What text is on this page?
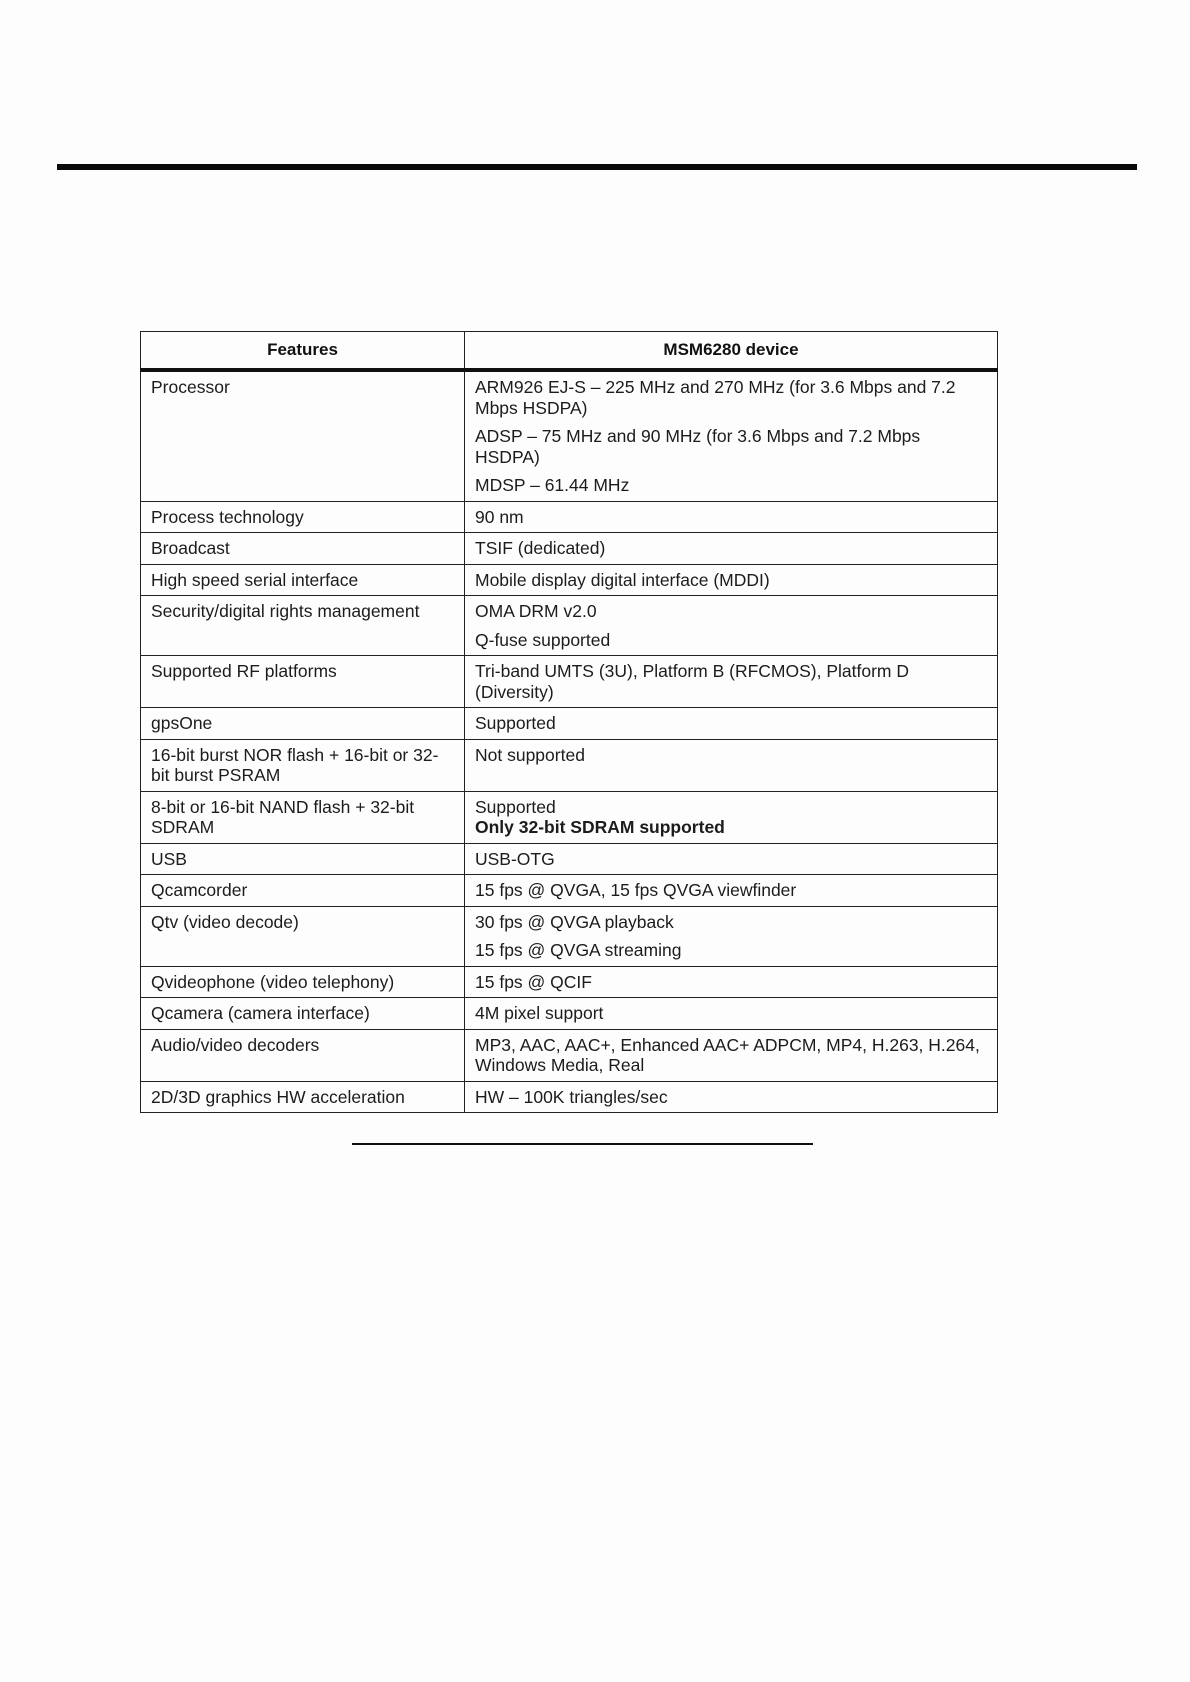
Features	MSM6280 device
Processor	ARM926 EJ-S – 225 MHz and 270 MHz (for 3.6 Mbps and 7.2 Mbps HSDPA)

ADSP – 75 MHz and 90 MHz (for 3.6 Mbps and 7.2 Mbps HSDPA)

MDSP – 61.44 MHz

Process technology	90 nm

Broadcast	TSIF (dedicated)

High speed serial interface	Mobile display digital interface (MDDI)

Security/digital rights management	OMA DRM v2.0

Q-fuse supported

Supported RF platforms	Tri-band UMTS (3U), Platform B (RFCMOS), Platform D (Diversity)

gpsOne	Supported

16-bit burst NOR flash + 16-bit or 32-bit burst PSRAM	Not supported

8-bit or 16-bit NAND flash + 32-bit SDRAM	Supported

Only 32-bit SDRAM supported

USB	USB-OTG

Qcamcorder	15 fps @ QVGA, 15 fps QVGA viewfinder

Qtv (video decode)	30 fps @ QVGA playback

15 fps @ QVGA streaming

Qvideophone (video telephony)	15 fps @ QCIF

Qcamera (camera interface)	4M pixel support

Audio/video decoders	MP3, AAC, AAC+, Enhanced AAC+ ADPCM, MP4, H.263, H.264, Windows Media, Real

2D/3D graphics HW acceleration	HW – 100K triangles/sec
